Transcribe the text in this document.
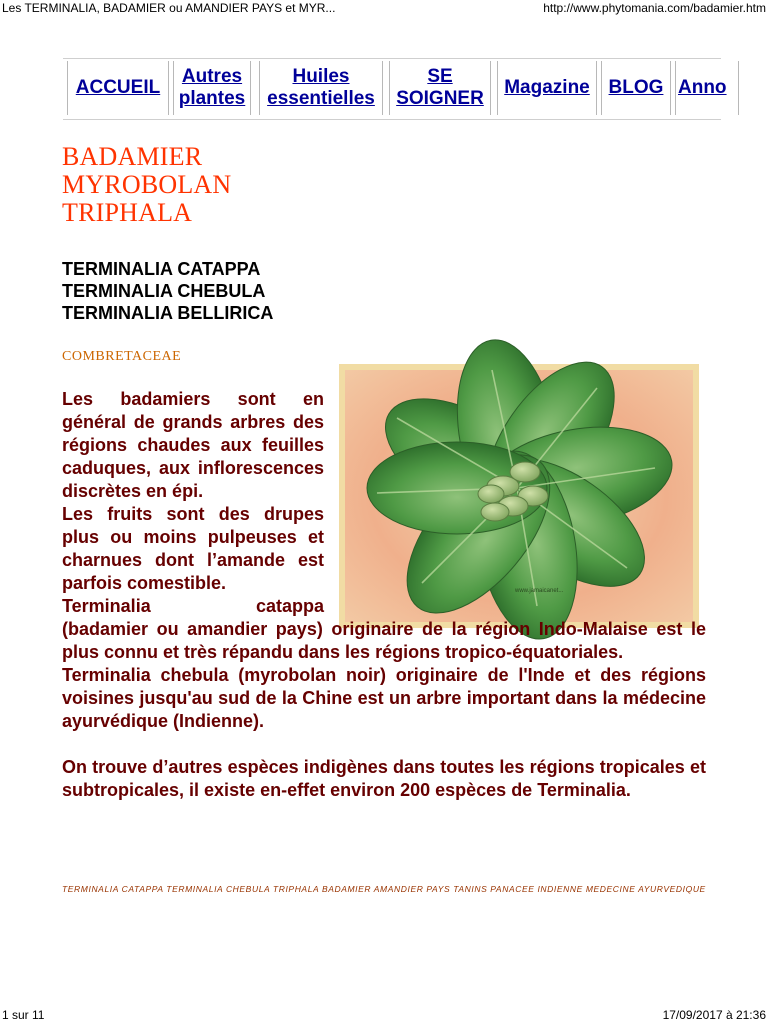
Les TERMINALIA, BADAMIER ou AMANDIER PAYS et MYR...	http://www.phytomania.com/badamier.htm
ACCUEIL
Autres
plantes
Huiles
essentielles
SE
SOIGNER
Magazine BLOG Anno
BADAMIER
MYROBOLAN
TRIPHALA
TERMINALIA CATAPPA
TERMINALIA CHEBULA
TERMINALIA BELLIRICA
COMBRETACEAE
www.jamaicanet...

Les badamiers sont en général de grands arbres des régions chaudes aux feuilles caduques, aux inflorescences discrètes en épi.

Les fruits sont des drupes plus ou moins pulpeuses et charnues dont l’amande est parfois comestible.

Terminalia catappa

(badamier ou amandier pays) originaire de la région Indo-Malaise est le plus connu et très répandu dans les régions tropico-équatoriales.

Terminalia chebula (myrobolan noir) originaire de l'Inde et des régions voisines jusqu'au sud de la Chine est un arbre important dans la médecine ayurvédique (Indienne).

On trouve d’autres espèces indigènes dans toutes les régions tropicales et subtropicales, il existe en-effet environ 200 espèces de Terminalia.

TERMINALIA CATAPPA TERMINALIA CHEBULA TRIPHALA BADAMIER AMANDIER PAYS TANINS PANACEE INDIENNE MEDECINE AYURVEDIQUE
1 sur 11	17/09/2017 à 21:36
